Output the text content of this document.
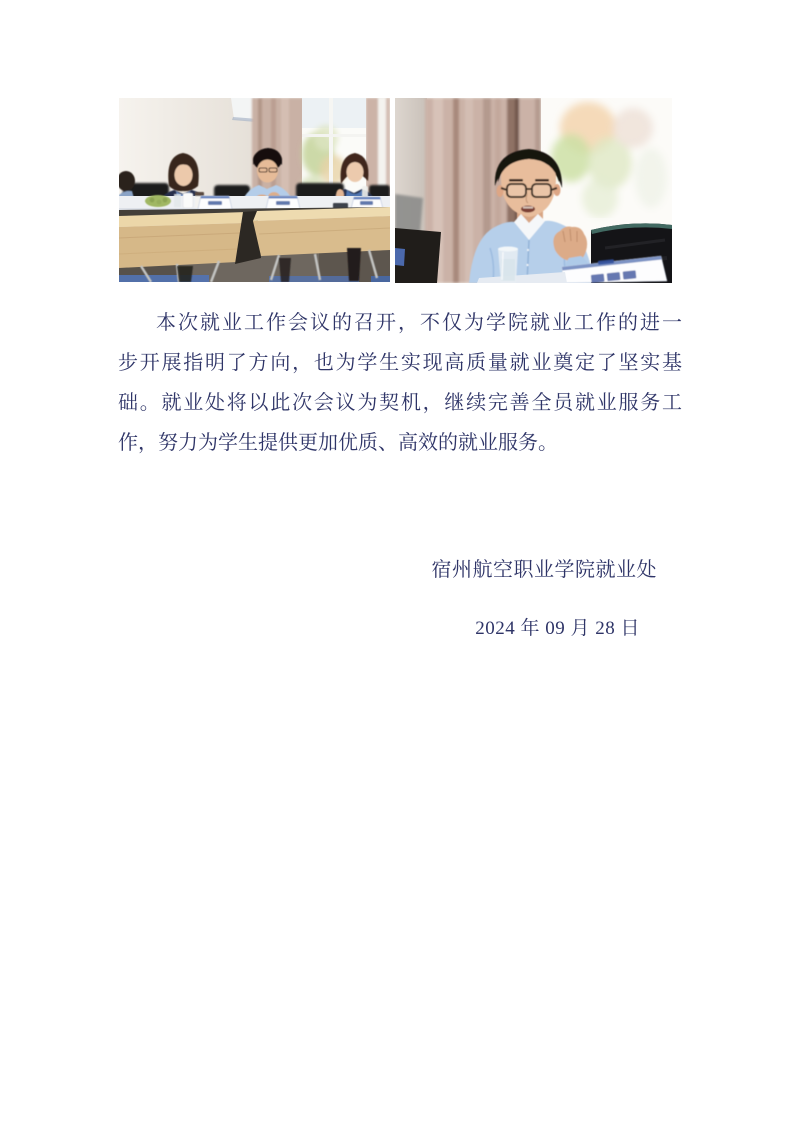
本次就业工作会议的召开，不仅为学院就业工作的进一
步开展指明了方向，也为学生实现高质量就业奠定了坚实基
础。就业处将以此次会议为契机，继续完善全员就业服务工
作，努力为学生提供更加优质、高效的就业服务。
宿州航空职业学院就业处
2024 年 09 月 28 日
